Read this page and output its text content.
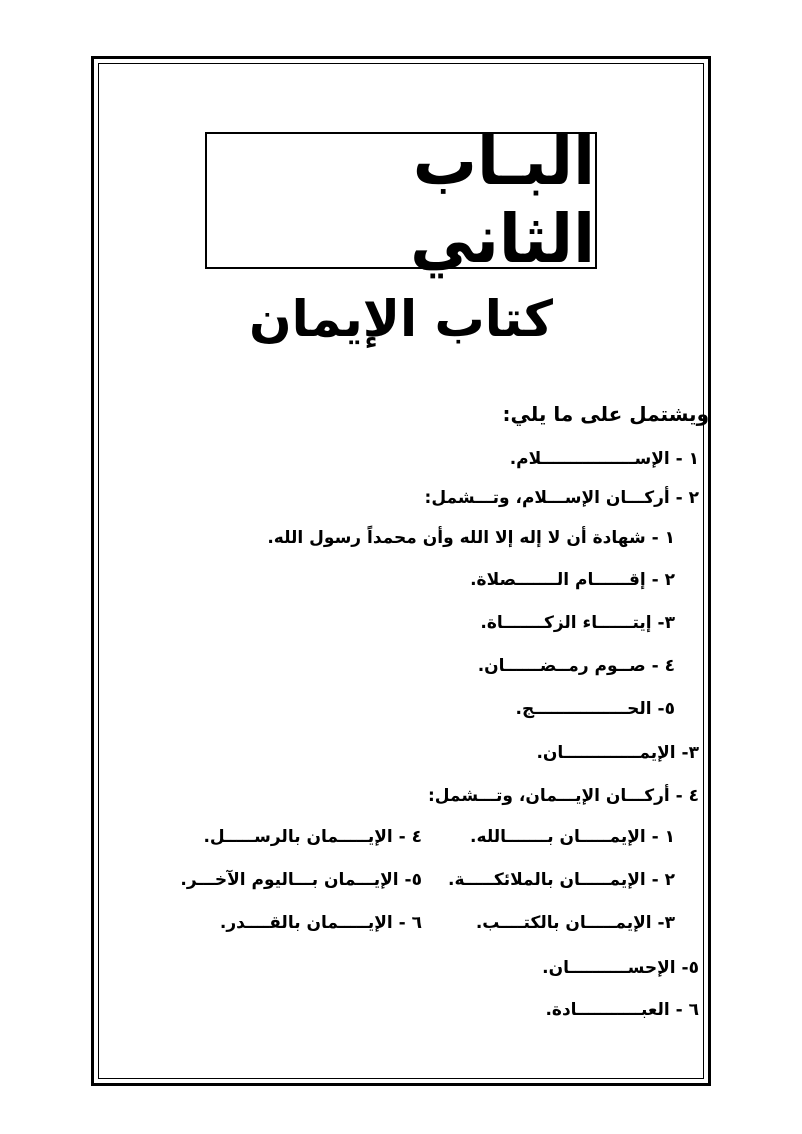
البـاب الثاني
كتاب الإيمان
ويشتمل على ما يلي:
١ - الإســــــــــــــــلام.
٢ - أركـــان الإســـلام، وتـــشمل:
١ - شهادة أن لا إله إلا الله وأن محمداً رسول الله.
٢ - إقــــــام الـــــــصلاة.
٣- إيتــــــاء الزكـــــــاة.
٤ - صــوم رمــضــــــان.
٥- الحــــــــــــــــج.
٣- الإيمـــــــــــــان.
٤ - أركـــان الإيـــمان، وتـــشمل:
١ - الإيمـــــان بـــــــالله.
٢ - الإيمـــــان بالملائكـــــة.
٣- الإيمـــــان بالكتــــب.
٤ - الإيـــــمان بالرســـــل.
٥- الإيـــمان بـــاليوم الآخـــر.
٦ - الإيـــــمان بالقــــدر.
٥- الإحســــــــــان.
٦ - العبـــــــــــادة.
